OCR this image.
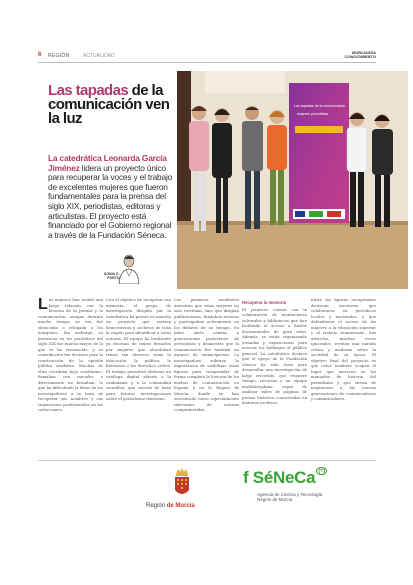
6 REGIÓN	ACTUALIDAD
MURCIA/DÍA
CONOCIMIENTO
Las tapadas de la comunicación ven la luz
La catedrática Leonarda García Jiménez lidera un proyecto único para recuperar la voces y el trabajo de excelentes mujeres que fueron fundamentales para la prensa del siglo XIX, periodistas, editoras y articulistas. El proyecto está financiado por el Gobierno regional a través de la Fundación Séneca.
SONIA G.
PORTO
Las tapadas de la comunicación
mujeres periodistas
Las mujeres han tenido una larga relación con la historia de la prensa y la comunicación, aunque durante mucho tiempo su voz fue silenciada o relegada a los márgenes. Sin embargo, su presencia en los periódicos del siglo XIX fue mucho mayor de lo que se ha reconocido, y su contribución fue decisiva para la construcción de la opinión pública moderna. Muchas de ellas escribían bajo seudónimo, firmaban con iniciales o directamente no firmaban, lo que ha dificultado la labor de los investigadores a la hora de recuperar sus nombres y sus trayectorias profesionales en las redacciones.
Con el objetivo de recuperar esa memoria, el grupo de investigación dirigido por la catedrática ha puesto en marcha un proyecto que rastrea hemerotecas y archivos de toda la región para identificar a estas autoras. El equipo ha localizado ya decenas de textos firmados por mujeres que abordaban temas tan diversos como la educación, la política, la literatura o los derechos civiles. El trabajo permitirá elaborar un catálogo digital abierto a la ciudadanía y a la comunidad científica, que servirá de base para futuras investigaciones sobre el periodismo femenino.
Los primeros resultados muestran que estas mujeres no solo escribían, sino que dirigían publicaciones, fundaban revistas y participaban activamente en los debates de su tiempo. Su labor abrió camino a generaciones posteriores de periodistas y demuestra que la comunicación fue también un espacio de emancipación. La investigadora subraya la importancia de visibilizar estas figuras para comprender de forma completa la historia de los medios de comunicación en España y en la Región de Murcia, donde se han encontrado casos especialmente relevantes de autoras comprometidas.
Recuperar la memoria
El proyecto cuenta con la colaboración de instituciones culturales y bibliotecas que han facilitado el acceso a fondos documentales de gran valor. Además, se están organizando jornadas y exposiciones para acercar los hallazgos al público general. La catedrática destaca que el apoyo de la Fundación Séneca ha sido clave para desarrollar una investigación de largo recorrido, que requiere tiempo, recursos y un equipo multidisciplinar capaz de analizar miles de páginas de prensa histórica conservadas en distintos archivos.
Entre las figuras recuperadas destacan escritoras que colaboraron en periódicos locales y nacionales, y que defendieron el acceso de las mujeres a la educación superior y al trabajo remunerado. Sus artículos, muchas veces ignorados, revelan una mirada crítica y moderna sobre la sociedad de su época. El objetivo final del proyecto es que estos nombres ocupen el lugar que merecen en los manuales de historia del periodismo y que sirvan de inspiración a las nuevas generaciones de comunicadoras y comunicadores.
Región de Murcia
f SéNeCa (+)
Agencia de Ciencia y Tecnología
Región de Murcia
